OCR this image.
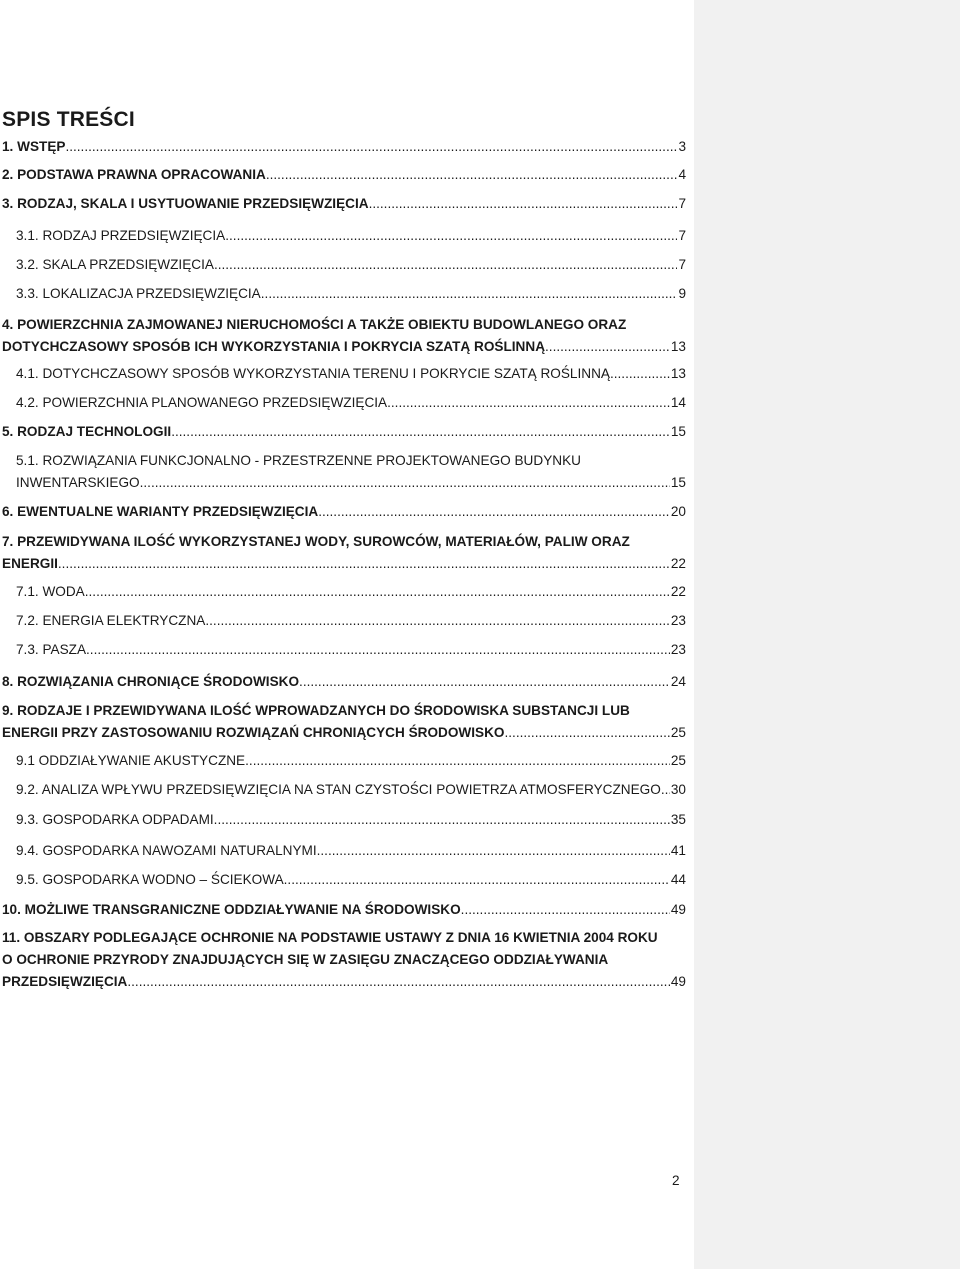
SPIS TREŚCI
1. WSTĘP .....	3
2. PODSTAWA PRAWNA OPRACOWANIA .....	4
3. RODZAJ, SKALA I USYTUOWANIE PRZEDSIĘWZIĘCIA .....	7
3.1. RODZAJ PRZEDSIĘWZIĘCIA .....	7
3.2. SKALA PRZEDSIĘWZIĘCIA .....	7
3.3. LOKALIZACJA PRZEDSIĘWZIĘCIA .....	9
4. POWIERZCHNIA ZAJMOWANEJ NIERUCHOMOŚCI A TAKŻE OBIEKTU BUDOWLANEGO ORAZ
DOTYCHCZASOWY SPOSÓB ICH WYKORZYSTANIA I POKRYCIA SZATĄ ROŚLINNĄ .....	13
4.1. DOTYCHCZASOWY SPOSÓB WYKORZYSTANIA TERENU I POKRYCIE SZATĄ ROŚLINNĄ .....	13
4.2. POWIERZCHNIA PLANOWANEGO PRZEDSIĘWZIĘCIA .....	14
5. RODZAJ TECHNOLOGII .....	15
5.1. ROZWIĄZANIA FUNKCJONALNO - PRZESTRZENNE PROJEKTOWANEGO BUDYNKU
INWENTARSKIEGO .....	15
6. EWENTUALNE WARIANTY PRZEDSIĘWZIĘCIA .....	20
7. PRZEWIDYWANA ILOŚĆ WYKORZYSTANEJ WODY, SUROWCÓW, MATERIAŁÓW, PALIW ORAZ
ENERGII .....	22
7.1. WODA .....	22
7.2. ENERGIA ELEKTRYCZNA .....	23
7.3. PASZA. .....	23
8. ROZWIĄZANIA CHRONIĄCE ŚRODOWISKO .....	24
9. RODZAJE I PRZEWIDYWANA ILOŚĆ WPROWADZANYCH DO ŚRODOWISKA SUBSTANCJI LUB
ENERGII PRZY ZASTOSOWANIU ROZWIĄZAŃ CHRONIĄCYCH ŚRODOWISKO .....	25
9.1 ODDZIAŁYWANIE AKUSTYCZNE .....	25
9.2. ANALIZA WPŁYWU PRZEDSIĘWZIĘCIA NA STAN CZYSTOŚCI POWIETRZA ATMOSFERYCZNEGO ..... 30
9.3. GOSPODARKA ODPADAMI .....	35
9.4. GOSPODARKA NAWOZAMI NATURALNYMI .....	41
9.5. GOSPODARKA WODNO – ŚCIEKOWA .....	44
10. MOŻLIWE TRANSGRANICZNE ODDZIAŁYWANIE NA ŚRODOWISKO .....	49
11. OBSZARY PODLEGAJĄCE OCHRONIE NA PODSTAWIE USTAWY Z DNIA 16 KWIETNIA 2004 ROKU
O OCHRONIE PRZYRODY ZNAJDUJĄCYCH SIĘ W ZASIĘGU ZNACZĄCEGO ODDZIAŁYWANIA
PRZEDSIĘWZIĘCIA .....	49
2
